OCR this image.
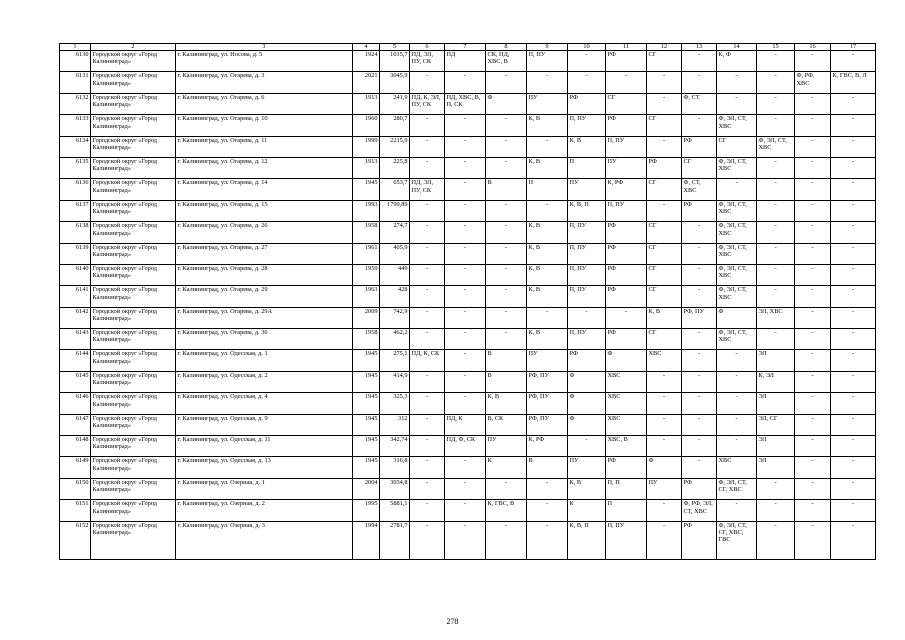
1	2	3	4	5	6	7	8	9	10	11	12	13	14	15	16	17
6130	Городской округ «Город Калининград»	г. Калининград, ул. Носова, д. 5	1924	1015,7	ПД, ЭЛ, ПУ, СК	ПД	СК, ПД, ХВС, В	П, ПУ	-	РФ	СГ	-	К, Ф	-	-	-
6131	Городской округ «Город Калининград»	г. Калининград, ул. Огарева, д. 3	2021	3045,9	-	-	-	-	-	-	-	-	-	-	Ф, РФ, ХВС	К, ГВС, В, Л
6132	Городской округ «Город Калининград»	г. Калининград, ул. Огарева, д. 6	1913	241,9	ПД, К, ЭЛ, ПУ, СК	ПД, ХВС, В, П, СК	Ф	ПУ	РФ	СГ	-	Ф, СТ	-	-	-	-
6133	Городской округ «Город Калининград»	г. Калининград, ул. Огарева, д. 10	1960	280,7	-	-	-	К, В	П, ПУ	РФ	СГ	-	Ф, ЭЛ, СТ, ХВС	-	-	-
6134	Городской округ «Город Калининград»	г. Калининград, ул. Огарева, д. 11	1999	2215,9	-	-	-	-	К, В	П, ПУ	-	РФ	СГ	Ф, ЭЛ, СТ, ХВС	-	-
6135	Городской округ «Город Калининград»	г. Калининград, ул. Огарева, д. 12	1913	225,8	-	-	-	К, В	П	ПУ	РФ	СГ	Ф, ЭЛ, СТ, ХВС	-	-	-
6136	Городской округ «Город Калининград»	г. Калининград, ул. Огарева, д. 14	1945	653,7	ПД, ЭЛ, ПУ, СК	-	В	П	ПУ	К, РФ	СГ	Ф, СТ, ХВС	-	-	-	-
6137	Городской округ «Город Калининград»	г. Калининград, ул. Огарева, д. 15	1993	1799,89	-	-	-	-	К, В, П	П, ПУ	-	РФ	Ф, ЭЛ, СТ, ХВС	-	-	-
6138	Городской округ «Город Калининград»	г. Калининград, ул. Огарева, д. 26	1958	274,7	-	-	-	К, В	П, ПУ	РФ	СГ	-	Ф, ЭЛ, СТ, ХВС	-	-	-
6139	Городской округ «Город Калининград»	г. Калининград, ул. Огарева, д. 27	1961	405,9	-	-	-	К, В	П, ПУ	РФ	СГ	-	Ф, ЭЛ, СТ, ХВС	-	-	-
6140	Городской округ «Город Калининград»	г. Калининград, ул. Огарева, д. 28	1959	449	-	-	-	К, В	П, ПУ	РФ	СГ	-	Ф, ЭЛ, СТ, ХВС	-	-	-
6141	Городской округ «Город Калининград»	г. Калининград, ул. Огарева, д. 29	1963	428	-	-	-	К, В	П, ПУ	РФ	СГ	-	Ф, ЭЛ, СТ, ХВС	-	-	-
6142	Городской округ «Город Калининград»	г. Калининград, ул. Огарева, д. 29А	2009	742,9	-	-	-	-	-	-	К, В	РФ, ПУ	Ф	ЭЛ, ХВС	-	-
6143	Городской округ «Город Калининград»	г. Калининград, ул. Огарева, д. 36	1958	462,2	-	-	-	К, В	П, ПУ	РФ	СГ	-	Ф, ЭЛ, СТ, ХВС	-	-	-
6144	Городской округ «Город Калининград»	г. Калининград, ул. Одесская, д. 1	1945	275,1	ПД, К, СК	-	В	ПУ	РФ	Ф	ХВС	-	-	ЭЛ	-	-
6145	Городской округ «Город Калининград»	г. Калининград, ул. Одесская, д. 2	1945	414,9	-	-	В	РФ, ПУ	Ф	ХВС	-	-	-	К, ЭЛ	-	-
6146	Городской округ «Город Калининград»	г. Калининград, ул. Одесская, д. 4	1945	325,3	-	-	К, В	РФ, ПУ	Ф	ХВС	-	-	-	ЭЛ	-	-
6147	Городской округ «Город Калининград»	г. Калининград, ул. Одесская, д. 9	1945	312	-	ПД, К	В, СК	РФ, ПУ	Ф	ХВС	-	-	-	ЭЛ, СГ	-	-
6148	Городской округ «Город Калининград»	г. Калининград, ул. Одесская, д. 11	1945	342,74	-	ПД, Ф, СК	ПУ	К, РФ	-	ХВС, В	-	-	-	ЭЛ	-	-
6149	Городской округ «Город Калининград»	г. Калининград, ул. Одесская, д. 13	1945	316,8	-	-	К	В	ПУ	РФ	Ф	-	ХВС	ЭЛ	-	-
6150	Городской округ «Город Калининград»	г. Калининград, ул. Озерная, д. 1	2004	3034,8	-	-	-	-	К, В	П, П	ПУ	РФ	Ф, ЭЛ, СТ, СГ, ХВС	-	-	-
6151	Городской округ «Город Калининград»	г. Калининград, ул. Озерная, д. 2	1995	5881,1	-	-	К, ГВС, В	-	К	П	-	Ф, РФ, ЭЛ, СТ, ХВС	-	-	-	-
6152	Городской округ «Город Калининград»	г. Калининград, ул. Озерная, д. 3	1994	2781,7	-	-	-	-	К, В, П	П, ПУ	-	РФ	Ф, ЭЛ, СТ, СГ, ХВС, ГВС	-	-	-
278
